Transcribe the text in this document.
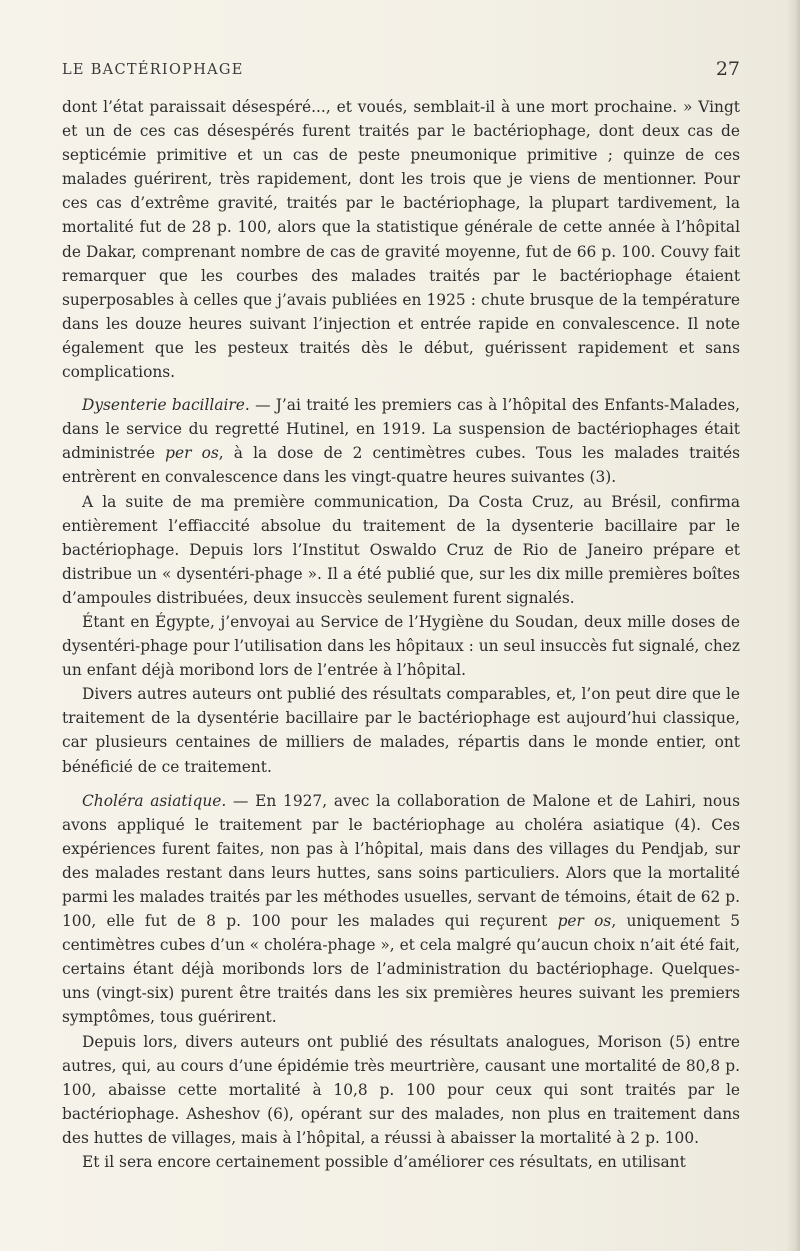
LE BACTÉRIOPHAGE	27

dont l’état paraissait désespéré..., et voués, semblait-il à une mort prochaine. » Vingt et un de ces cas désespérés furent traités par le bactériophage, dont deux cas de septicémie primitive et un cas de peste pneumonique primitive ; quinze de ces malades guérirent, très rapidement, dont les trois que je viens de mentionner. Pour ces cas d’extrême gravité, traités par le bactériophage, la plupart tardivement, la mortalité fut de 28 p. 100, alors que la statistique générale de cette année à l’hôpital de Dakar, comprenant nombre de cas de gravité moyenne, fut de 66 p. 100. Couvy fait remarquer que les courbes des malades traités par le bactériophage étaient superposables à celles que j’avais publiées en 1925 : chute brusque de la température dans les douze heures suivant l’injection et entrée rapide en convalescence. Il note également que les pesteux traités dès le début, guérissent rapidement et sans complications.

Dysenterie bacillaire. — J’ai traité les premiers cas à l’hôpital des Enfants-Malades, dans le service du regretté Hutinel, en 1919. La suspension de bactériophages était administrée per os, à la dose de 2 centimètres cubes. Tous les malades traités entrèrent en convalescence dans les vingt-quatre heures suivantes (3).

A la suite de ma première communication, Da Costa Cruz, au Brésil, confirma entièrement l’effiaccité absolue du traitement de la dysenterie bacillaire par le bactériophage. Depuis lors l’Institut Oswaldo Cruz de Rio de Janeiro prépare et distribue un « dysentéri-phage ». Il a été publié que, sur les dix mille premières boîtes d’ampoules distribuées, deux insuccès seulement furent signalés.

Étant en Égypte, j’envoyai au Service de l’Hygiène du Soudan, deux mille doses de dysentéri-phage pour l’utilisation dans les hôpitaux : un seul insuccès fut signalé, chez un enfant déjà moribond lors de l’entrée à l’hôpital.

Divers autres auteurs ont publié des résultats comparables, et, l’on peut dire que le traitement de la dysentérie bacillaire par le bactériophage est aujourd’hui classique, car plusieurs centaines de milliers de malades, répartis dans le monde entier, ont bénéficié de ce traitement.

Choléra asiatique. — En 1927, avec la collaboration de Malone et de Lahiri, nous avons appliqué le traitement par le bactériophage au choléra asiatique (4). Ces expériences furent faites, non pas à l’hôpital, mais dans des villages du Pendjab, sur des malades restant dans leurs huttes, sans soins particuliers. Alors que la mortalité parmi les malades traités par les méthodes usuelles, servant de témoins, était de 62 p. 100, elle fut de 8 p. 100 pour les malades qui reçurent per os, uniquement 5 centimètres cubes d’un « choléra-phage », et cela malgré qu’aucun choix n’ait été fait, certains étant déjà moribonds lors de l’administration du bactériophage. Quelques-uns (vingt-six) purent être traités dans les six premières heures suivant les premiers symptômes, tous guérirent.

Depuis lors, divers auteurs ont publié des résultats analogues, Morison (5) entre autres, qui, au cours d’une épidémie très meurtrière, causant une mortalité de 80,8 p. 100, abaisse cette mortalité à 10,8 p. 100 pour ceux qui sont traités par le bactériophage. Asheshov (6), opérant sur des malades, non plus en traitement dans des huttes de villages, mais à l’hôpital, a réussi à abaisser la mortalité à 2 p. 100.

Et il sera encore certainement possible d’améliorer ces résultats, en utilisant
